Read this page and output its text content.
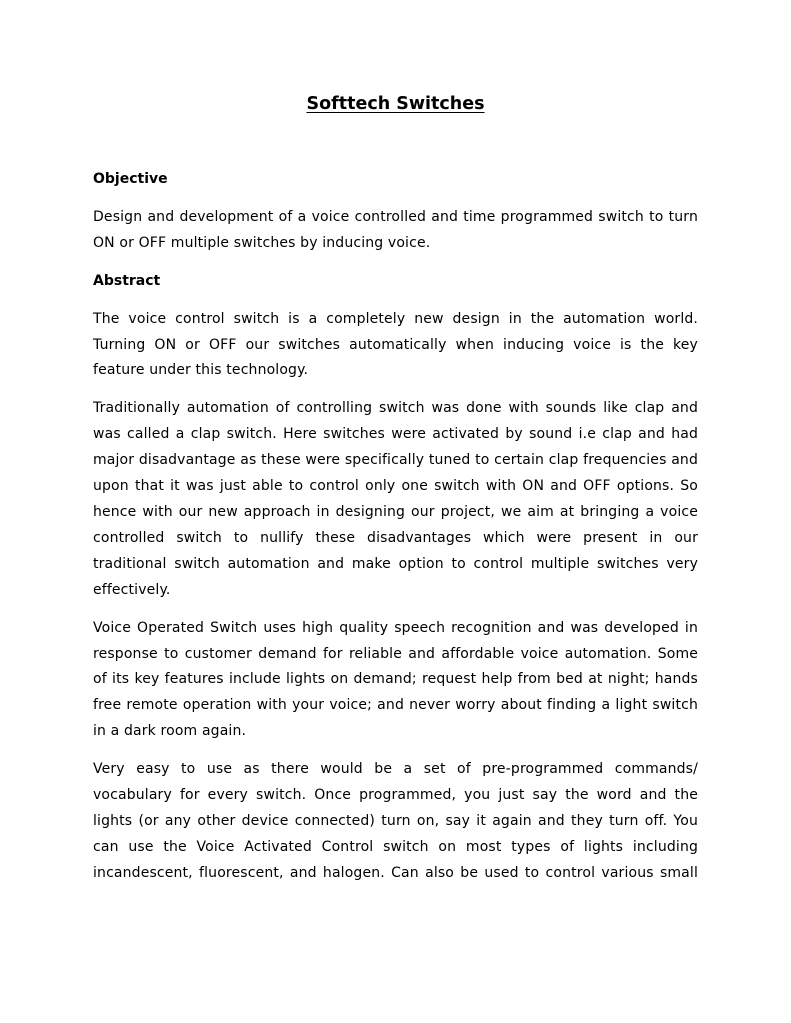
Softtech Switches
Objective

Design and development of a voice controlled and time programmed switch to turn ON or OFF multiple switches by inducing voice.

Abstract

The voice control switch is a completely new design in the automation world. Turning ON or OFF our switches automatically when inducing voice is the key feature under this technology.

Traditionally automation of controlling switch was done with sounds like clap and was called a clap switch. Here switches were activated by sound i.e clap and had major disadvantage as these were specifically tuned to certain clap frequencies and upon that it was just able to control only one switch with ON and OFF options. So hence with our new approach in designing our project, we aim at bringing a voice controlled switch to nullify these disadvantages which were present in our traditional switch automation and make option to control multiple switches very effectively.

Voice Operated Switch uses high quality speech recognition and was developed in response to customer demand for reliable and affordable voice automation. Some of its key features include lights on demand; request help from bed at night; hands free remote operation with your voice; and never worry about finding a light switch in a dark room again.

Very easy to use as there would be a set of pre-programmed commands/ vocabulary for every switch. Once programmed, you just say the word and the lights (or any other device connected) turn on, say it again and they turn off. You can use the Voice Activated Control switch on most types of lights including incandescent, fluorescent, and halogen. Can also be used to control various small
